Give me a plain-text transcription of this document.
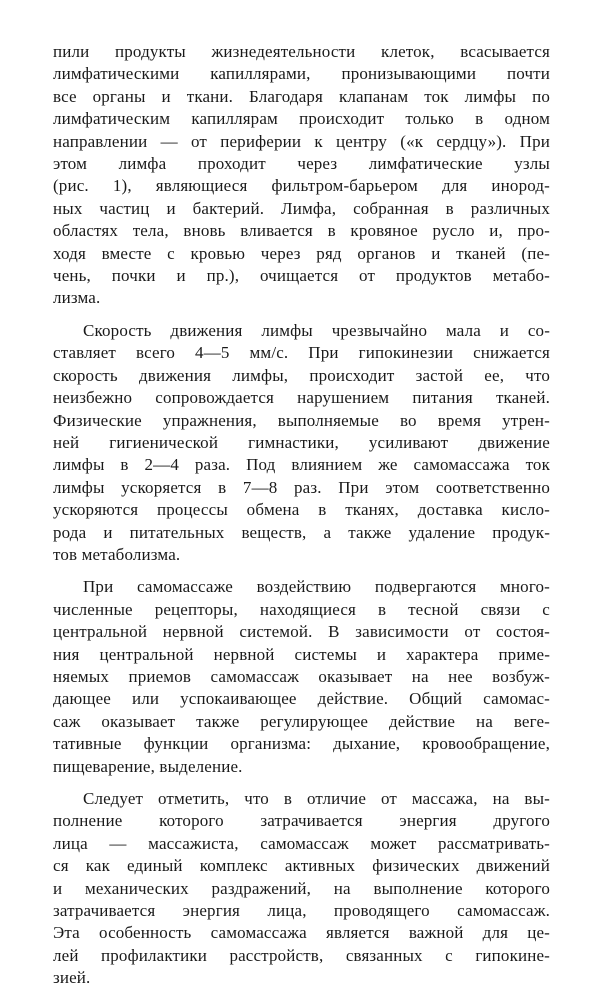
пили продукты жизнедеятельности клеток, всасывается
лимфатическими капиллярами, пронизывающими почти
все органы и ткани. Благодаря клапанам ток лимфы по
лимфатическим капиллярам происходит только в одном
направлении — от периферии к центру («к сердцу»). При
этом лимфа проходит через лимфатические узлы
(рис. 1), являющиеся фильтром-барьером для инород-
ных частиц и бактерий. Лимфа, собранная в различных
областях тела, вновь вливается в кровяное русло и, про-
ходя вместе с кровью через ряд органов и тканей (пе-
чень, почки и пр.), очищается от продуктов метабо-
лизма.

Скорость движения лимфы чрезвычайно мала и со-
ставляет всего 4—5 мм/с. При гипокинезии снижается
скорость движения лимфы, происходит застой ее, что
неизбежно сопровождается нарушением питания тканей.
Физические упражнения, выполняемые во время утрен-
ней гигиенической гимнастики, усиливают движение
лимфы в 2—4 раза. Под влиянием же самомассажа ток
лимфы ускоряется в 7—8 раз. При этом соответственно
ускоряются процессы обмена в тканях, доставка кисло-
рода и питательных веществ, а также удаление продук-
тов метаболизма.

При самомассаже воздействию подвергаются много-
численные рецепторы, находящиеся в тесной связи с
центральной нервной системой. В зависимости от состоя-
ния центральной нервной системы и характера приме-
няемых приемов самомассаж оказывает на нее возбуж-
дающее или успокаивающее действие. Общий самомас-
саж оказывает также регулирующее действие на веге-
тативные функции организма: дыхание, кровообращение,
пищеварение, выделение.

Следует отметить, что в отличие от массажа, на вы-
полнение которого затрачивается энергия другого
лица — массажиста, самомассаж может рассматривать-
ся как единый комплекс активных физических движений
и механических раздражений, на выполнение которого
затрачивается энергия лица, проводящего самомассаж.
Эта особенность самомассажа является важной для це-
лей профилактики расстройств, связанных с гипокине-
зией.
